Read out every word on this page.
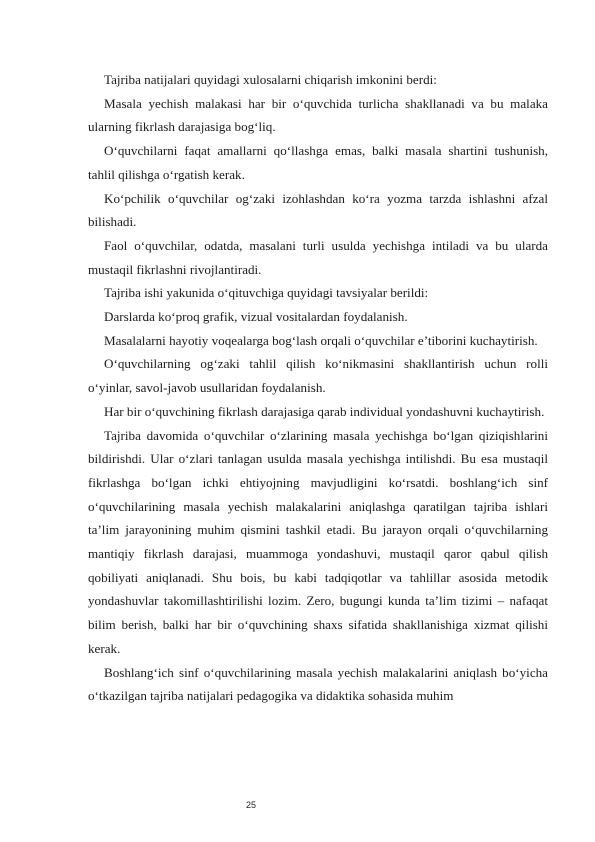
Tajriba natijalari quyidagi xulosalarni chiqarish imkonini berdi:

Masala yechish malakasi har bir o‘quvchida turlicha shakllanadi va bu malaka ularning fikrlash darajasiga bog‘liq.

O‘quvchilarni faqat amallarni qo‘llashga emas, balki masala shartini tushunish, tahlil qilishga o‘rgatish kerak.

Ko‘pchilik o‘quvchilar og‘zaki izohlashdan ko‘ra yozma tarzda ishlashni afzal bilishadi.

Faol o‘quvchilar, odatda, masalani turli usulda yechishga intiladi va bu ularda mustaqil fikrlashni rivojlantiradi.

Tajriba ishi yakunida o‘qituvchiga quyidagi tavsiyalar berildi:

Darslarda ko‘proq grafik, vizual vositalardan foydalanish.

Masalalarni hayotiy voqealarga bog‘lash orqali o‘quvchilar e’tiborini kuchaytirish.

O‘quvchilarning og‘zaki tahlil qilish ko‘nikmasini shakllantirish uchun rolli o‘yinlar, savol-javob usullaridan foydalanish.

Har bir o‘quvchining fikrlash darajasiga qarab individual yondashuvni kuchaytirish.

Tajriba davomida o‘quvchilar o‘zlarining masala yechishga bo‘lgan qiziqishlarini bildirishdi. Ular o‘zlari tanlagan usulda masala yechishga intilishdi. Bu esa mustaqil fikrlashga bo‘lgan ichki ehtiyojning mavjudligini ko‘rsatdi. boshlang‘ich sinf o‘quvchilarining masala yechish malakalarini aniqlashga qaratilgan tajriba ishlari ta’lim jarayonining muhim qismini tashkil etadi. Bu jarayon orqali o‘quvchilarning mantiqiy fikrlash darajasi, muammoga yondashuvi, mustaqil qaror qabul qilish qobiliyati aniqlanadi. Shu bois, bu kabi tadqiqotlar va tahlillar asosida metodik yondashuvlar takomillashtirilishi lozim. Zero, bugungi kunda ta’lim tizimi – nafaqat bilim berish, balki har bir o‘quvchining shaxs sifatida shakllanishiga xizmat qilishi kerak.

Boshlang‘ich sinf o‘quvchilarining masala yechish malakalarini aniqlash bo‘yicha o‘tkazilgan tajriba natijalari pedagogika va didaktika sohasida muhim

25
